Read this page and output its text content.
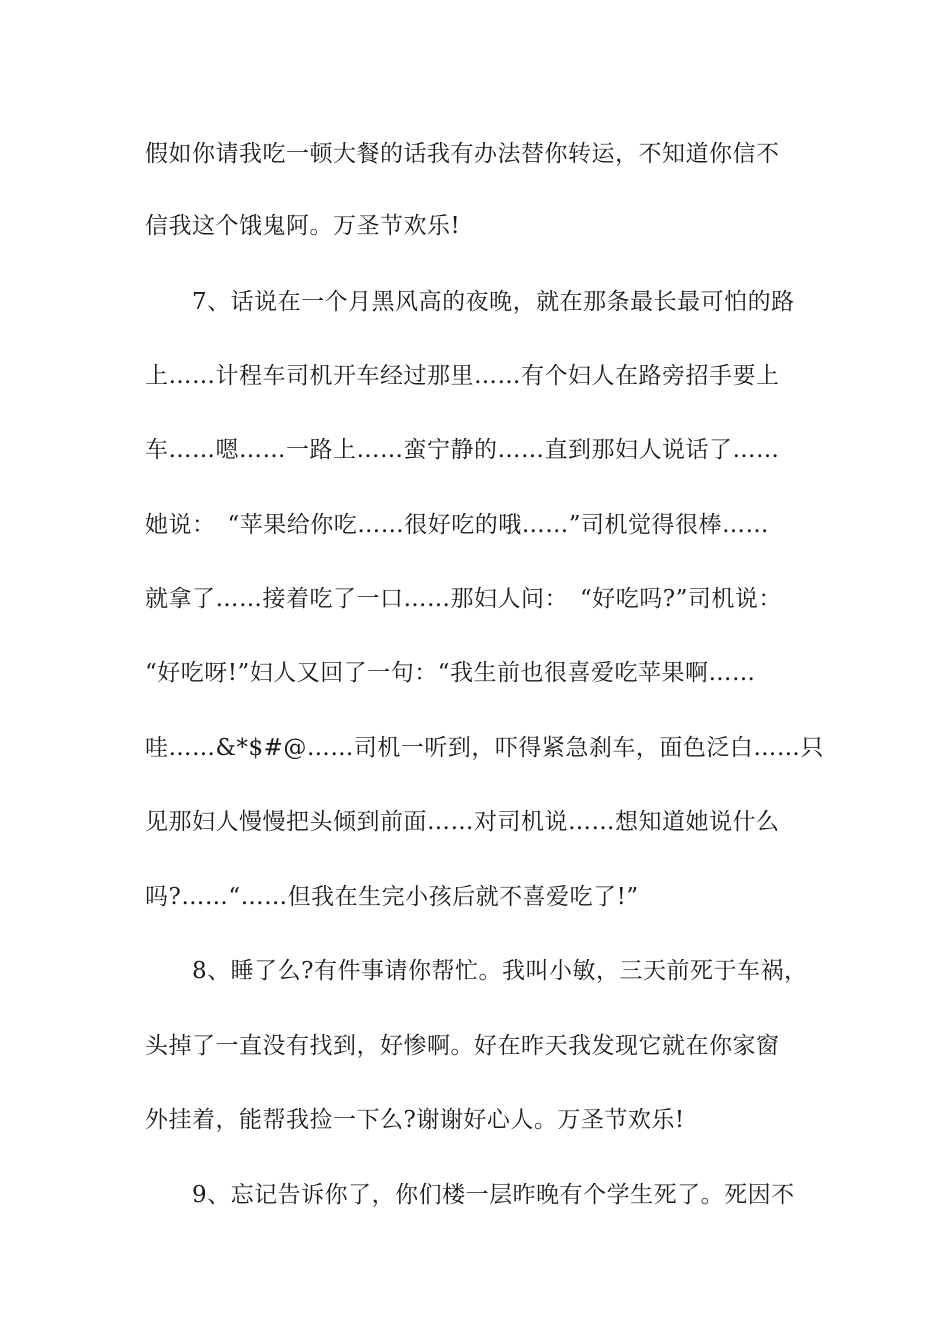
假如你请我吃一顿大餐的话我有办法替你转运，不知道你信不
信我这个饿鬼阿。万圣节欢乐!
7、话说在一个月黑风高的夜晚，就在那条最长最可怕的路
上……计程车司机开车经过那里……有个妇人在路旁招手要上
车……嗯……一路上……蛮宁静的……直到那妇人说话了……
她说：　“苹果给你吃……很好吃的哦……”司机觉得很棒……
就拿了……接着吃了一口……那妇人问：　“好吃吗?”司机说：
“好吃呀!”妇人又回了一句：“我生前也很喜爱吃苹果啊……
哇……&*$#@……司机一听到，吓得紧急刹车，面色泛白……只
见那妇人慢慢把头倾到前面……对司机说……想知道她说什么
吗?……“……但我在生完小孩后就不喜爱吃了!”
8、睡了么?有件事请你帮忙。我叫小敏，三天前死于车祸，
头掉了一直没有找到，好惨啊。好在昨天我发现它就在你家窗
外挂着，能帮我捡一下么?谢谢好心人。万圣节欢乐!
9、忘记告诉你了，你们楼一层昨晚有个学生死了。死因不
